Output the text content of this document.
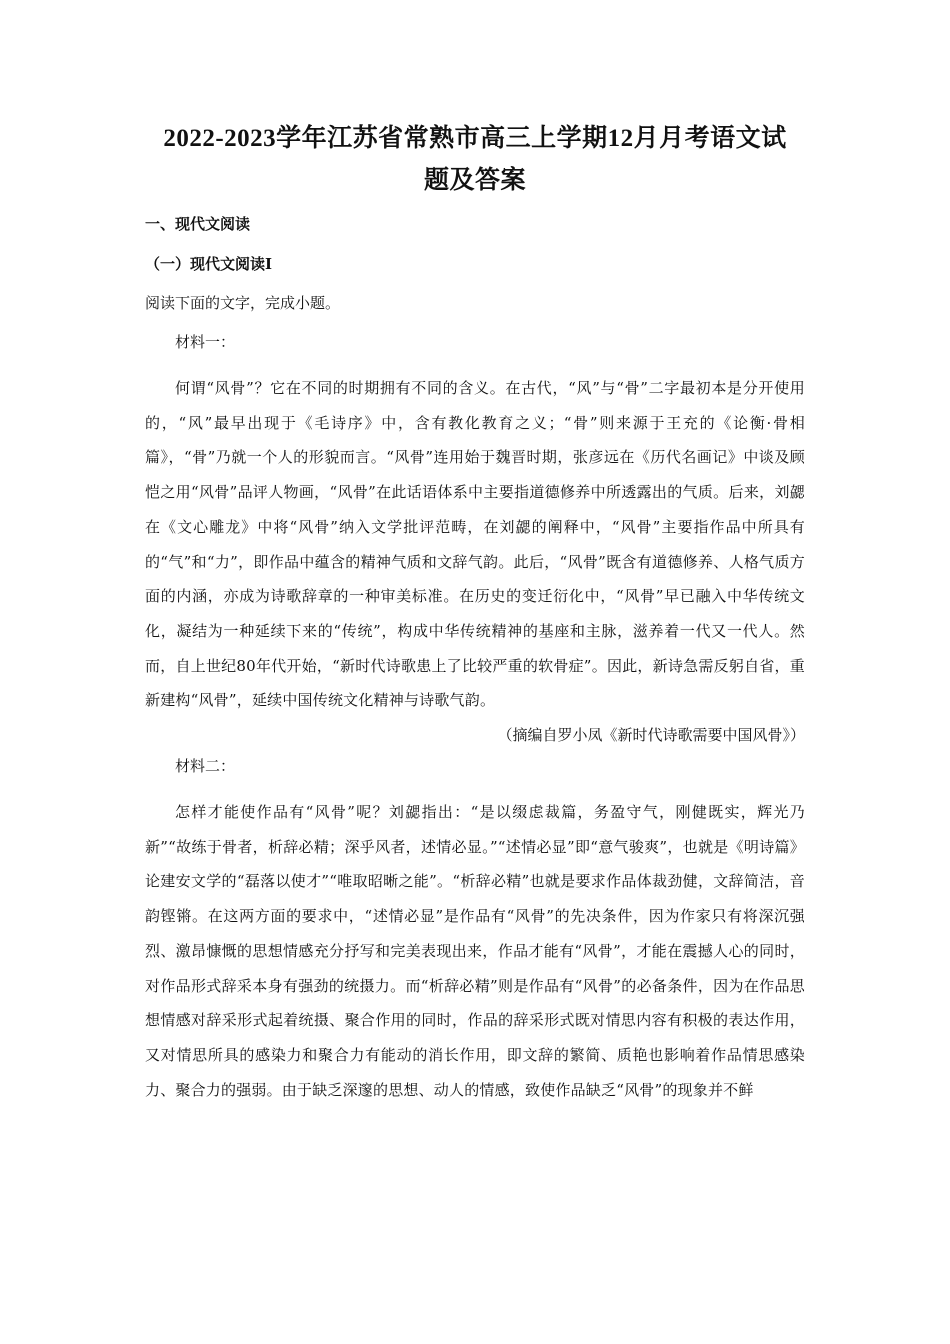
2022-2023学年江苏省常熟市高三上学期12月月考语文试
题及答案
一、现代文阅读
（一）现代文阅读Ⅰ
阅读下面的文字，完成小题。
材料一：

何谓“风骨”？它在不同的时期拥有不同的含义。在古代，“风”与“骨”二字最初本是分开使用的，“风”最早出现于《毛诗序》中，含有教化教育之义；“骨”则来源于王充的《论衡·骨相篇》，“骨”乃就一个人的形貌而言。“风骨”连用始于魏晋时期，张彦远在《历代名画记》中谈及顾恺之用“风骨”品评人物画，“风骨”在此话语体系中主要指道德修养中所透露出的气质。后来，刘勰在《文心雕龙》中将“风骨”纳入文学批评范畴，在刘勰的阐释中，“风骨”主要指作品中所具有的“气”和“力”，即作品中蕴含的精神气质和文辞气韵。此后，“风骨”既含有道德修养、人格气质方面的内涵，亦成为诗歌辞章的一种审美标准。在历史的变迁衍化中，“风骨”早已融入中华传统文化，凝结为一种延续下来的“传统”，构成中华传统精神的基座和主脉，滋养着一代又一代人。然而，自上世纪80年代开始，“新时代诗歌患上了比较严重的软骨症”。因此，新诗急需反躬自省，重新建构“风骨”，延续中国传统文化精神与诗歌气韵。

（摘编自罗小凤《新时代诗歌需要中国风骨》）
材料二：

怎样才能使作品有“风骨”呢？刘勰指出：“是以缀虑裁篇，务盈守气，刚健既实，辉光乃新”“故练于骨者，析辞必精；深乎风者，述情必显。”“述情必显”即“意气骏爽”，也就是《明诗篇》论建安文学的“磊落以使才”“唯取昭晰之能”。“析辞必精”也就是要求作品体裁劲健，文辞简洁，音韵铿锵。在这两方面的要求中，“述情必显”是作品有“风骨”的先决条件，因为作家只有将深沉强烈、激昂慷慨的思想情感充分抒写和完美表现出来，作品才能有“风骨”，才能在震撼人心的同时，对作品形式辞采本身有强劲的统摄力。而“析辞必精”则是作品有“风骨”的必备条件，因为在作品思想情感对辞采形式起着统摄、聚合作用的同时，作品的辞采形式既对情思内容有积极的表达作用，又对情思所具的感染力和聚合力有能动的消长作用，即文辞的繁简、质艳也影响着作品情思感染力、聚合力的强弱。由于缺乏深邃的思想、动人的情感，致使作品缺乏“风骨”的现象并不鲜
